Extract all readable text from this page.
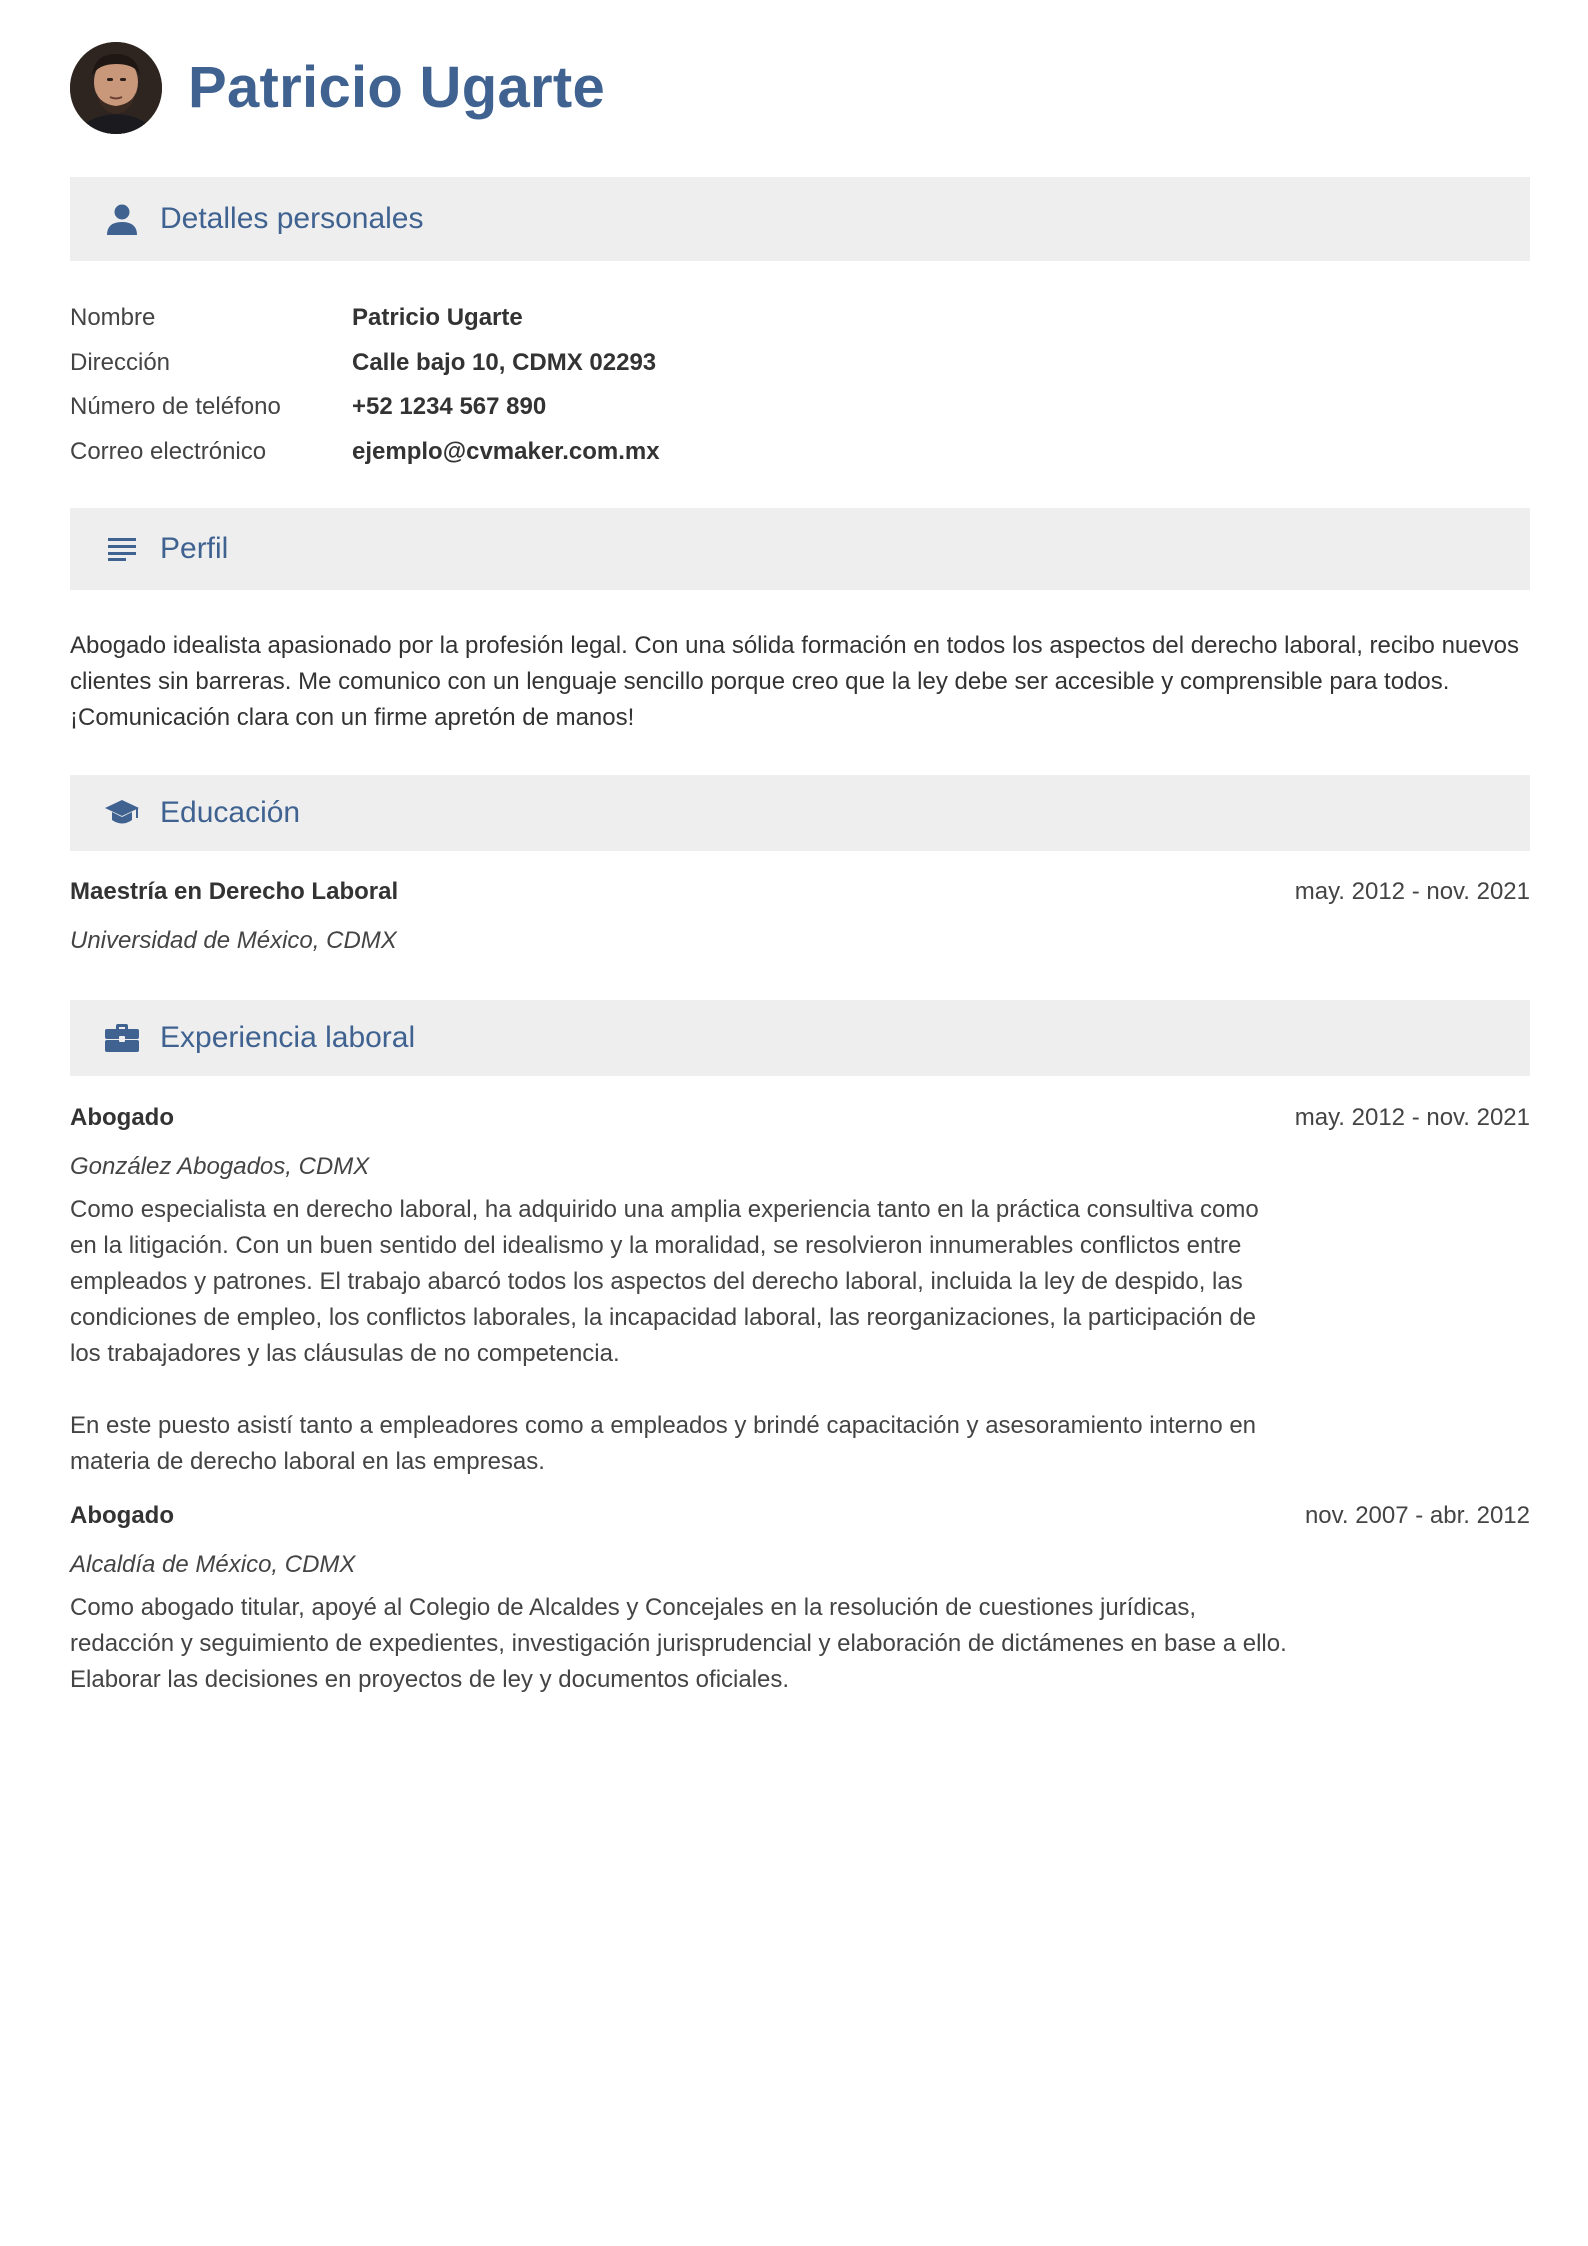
Patricio Ugarte
Detalles personales
Nombre	Patricio Ugarte
Dirección	Calle bajo 10, CDMX 02293
Número de teléfono	+52 1234 567 890
Correo electrónico	ejemplo@cvmaker.com.mx
Perfil
Abogado idealista apasionado por la profesión legal. Con una sólida formación en todos los aspectos del derecho laboral, recibo nuevos clientes sin barreras. Me comunico con un lenguaje sencillo porque creo que la ley debe ser accesible y comprensible para todos. ¡Comunicación clara con un firme apretón de manos!
Educación
Maestría en Derecho Laboral	may. 2012 - nov. 2021
Universidad de México, CDMX
Experiencia laboral
Abogado	may. 2012 - nov. 2021
González Abogados, CDMX

Como especialista en derecho laboral, ha adquirido una amplia experiencia tanto en la práctica consultiva como en la litigación. Con un buen sentido del idealismo y la moralidad, se resolvieron innumerables conflictos entre empleados y patrones. El trabajo abarcó todos los aspectos del derecho laboral, incluida la ley de despido, las condiciones de empleo, los conflictos laborales, la incapacidad laboral, las reorganizaciones, la participación de los trabajadores y las cláusulas de no competencia.

En este puesto asistí tanto a empleadores como a empleados y brindé capacitación y asesoramiento interno en materia de derecho laboral en las empresas.

Abogado	nov. 2007 - abr. 2012
Alcaldía de México, CDMX

Como abogado titular, apoyé al Colegio de Alcaldes y Concejales en la resolución de cuestiones jurídicas, redacción y seguimiento de expedientes, investigación jurisprudencial y elaboración de dictámenes en base a ello. Elaborar las decisiones en proyectos de ley y documentos oficiales.
